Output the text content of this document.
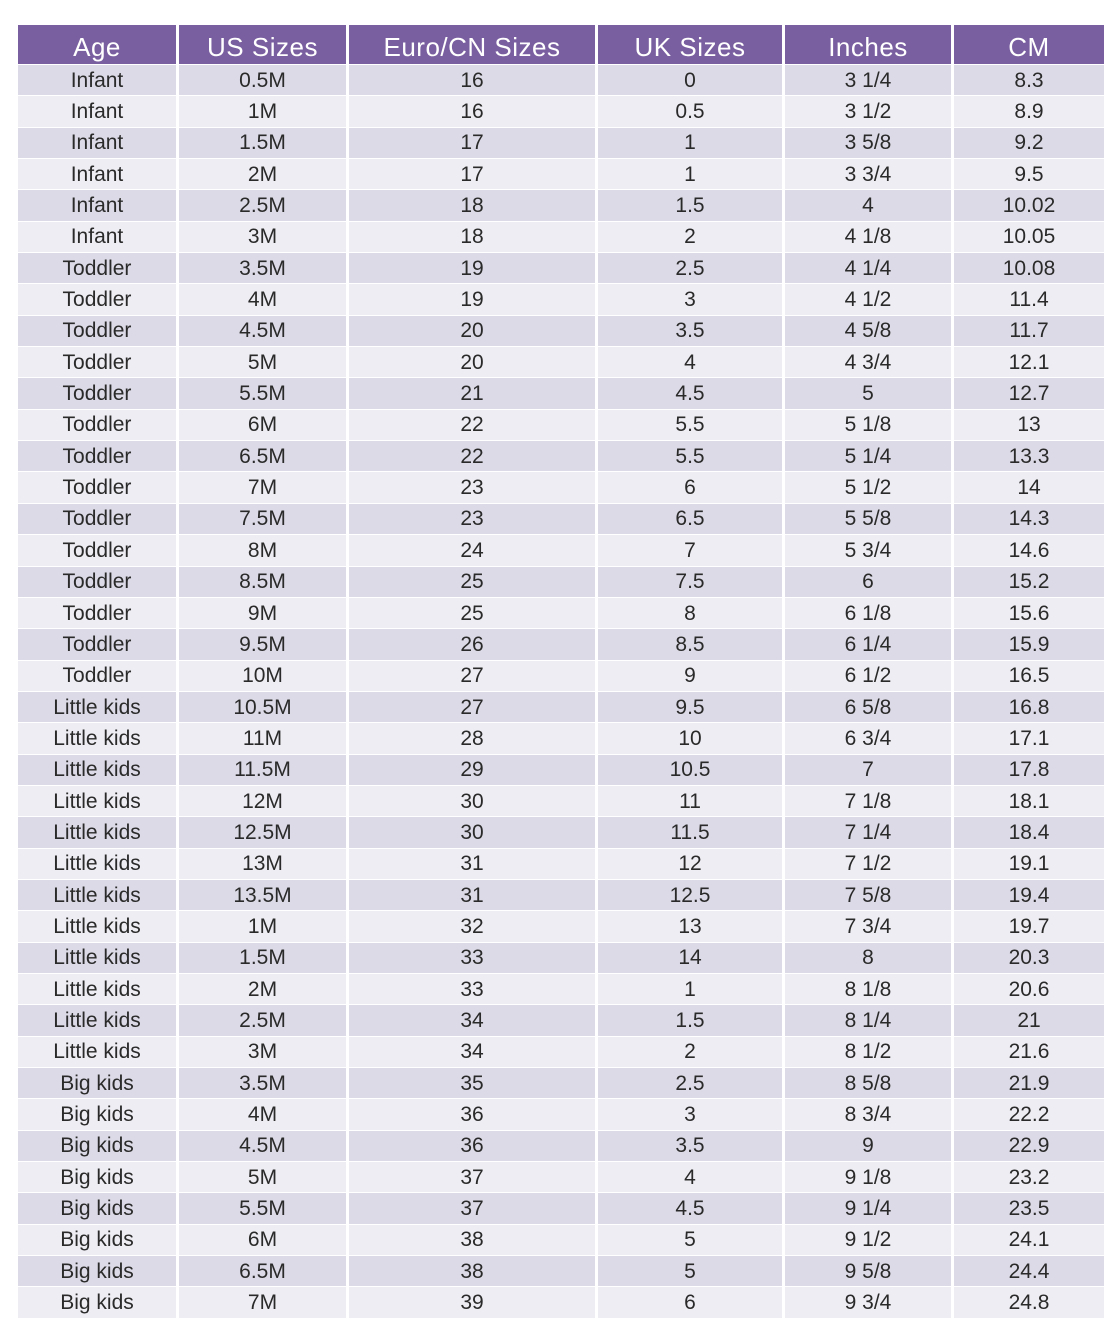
Age	US Sizes	Euro/CN Sizes	UK Sizes	Inches	CM
Infant	0.5M	16	0	3 1/4	8.3
Infant	1M	16	0.5	3 1/2	8.9
Infant	1.5M	17	1	3 5/8	9.2
Infant	2M	17	1	3 3/4	9.5
Infant	2.5M	18	1.5	4	10.02
Infant	3M	18	2	4 1/8	10.05
Toddler	3.5M	19	2.5	4 1/4	10.08
Toddler	4M	19	3	4 1/2	11.4
Toddler	4.5M	20	3.5	4 5/8	11.7
Toddler	5M	20	4	4 3/4	12.1
Toddler	5.5M	21	4.5	5	12.7
Toddler	6M	22	5.5	5 1/8	13
Toddler	6.5M	22	5.5	5 1/4	13.3
Toddler	7M	23	6	5 1/2	14
Toddler	7.5M	23	6.5	5 5/8	14.3
Toddler	8M	24	7	5 3/4	14.6
Toddler	8.5M	25	7.5	6	15.2
Toddler	9M	25	8	6 1/8	15.6
Toddler	9.5M	26	8.5	6 1/4	15.9
Toddler	10M	27	9	6 1/2	16.5
Little kids	10.5M	27	9.5	6 5/8	16.8
Little kids	11M	28	10	6 3/4	17.1
Little kids	11.5M	29	10.5	7	17.8
Little kids	12M	30	11	7 1/8	18.1
Little kids	12.5M	30	11.5	7 1/4	18.4
Little kids	13M	31	12	7 1/2	19.1
Little kids	13.5M	31	12.5	7 5/8	19.4
Little kids	1M	32	13	7 3/4	19.7
Little kids	1.5M	33	14	8	20.3
Little kids	2M	33	1	8 1/8	20.6
Little kids	2.5M	34	1.5	8 1/4	21
Little kids	3M	34	2	8 1/2	21.6
Big kids	3.5M	35	2.5	8 5/8	21.9
Big kids	4M	36	3	8 3/4	22.2
Big kids	4.5M	36	3.5	9	22.9
Big kids	5M	37	4	9 1/8	23.2
Big kids	5.5M	37	4.5	9 1/4	23.5
Big kids	6M	38	5	9 1/2	24.1
Big kids	6.5M	38	5	9 5/8	24.4
Big kids	7M	39	6	9 3/4	24.8
